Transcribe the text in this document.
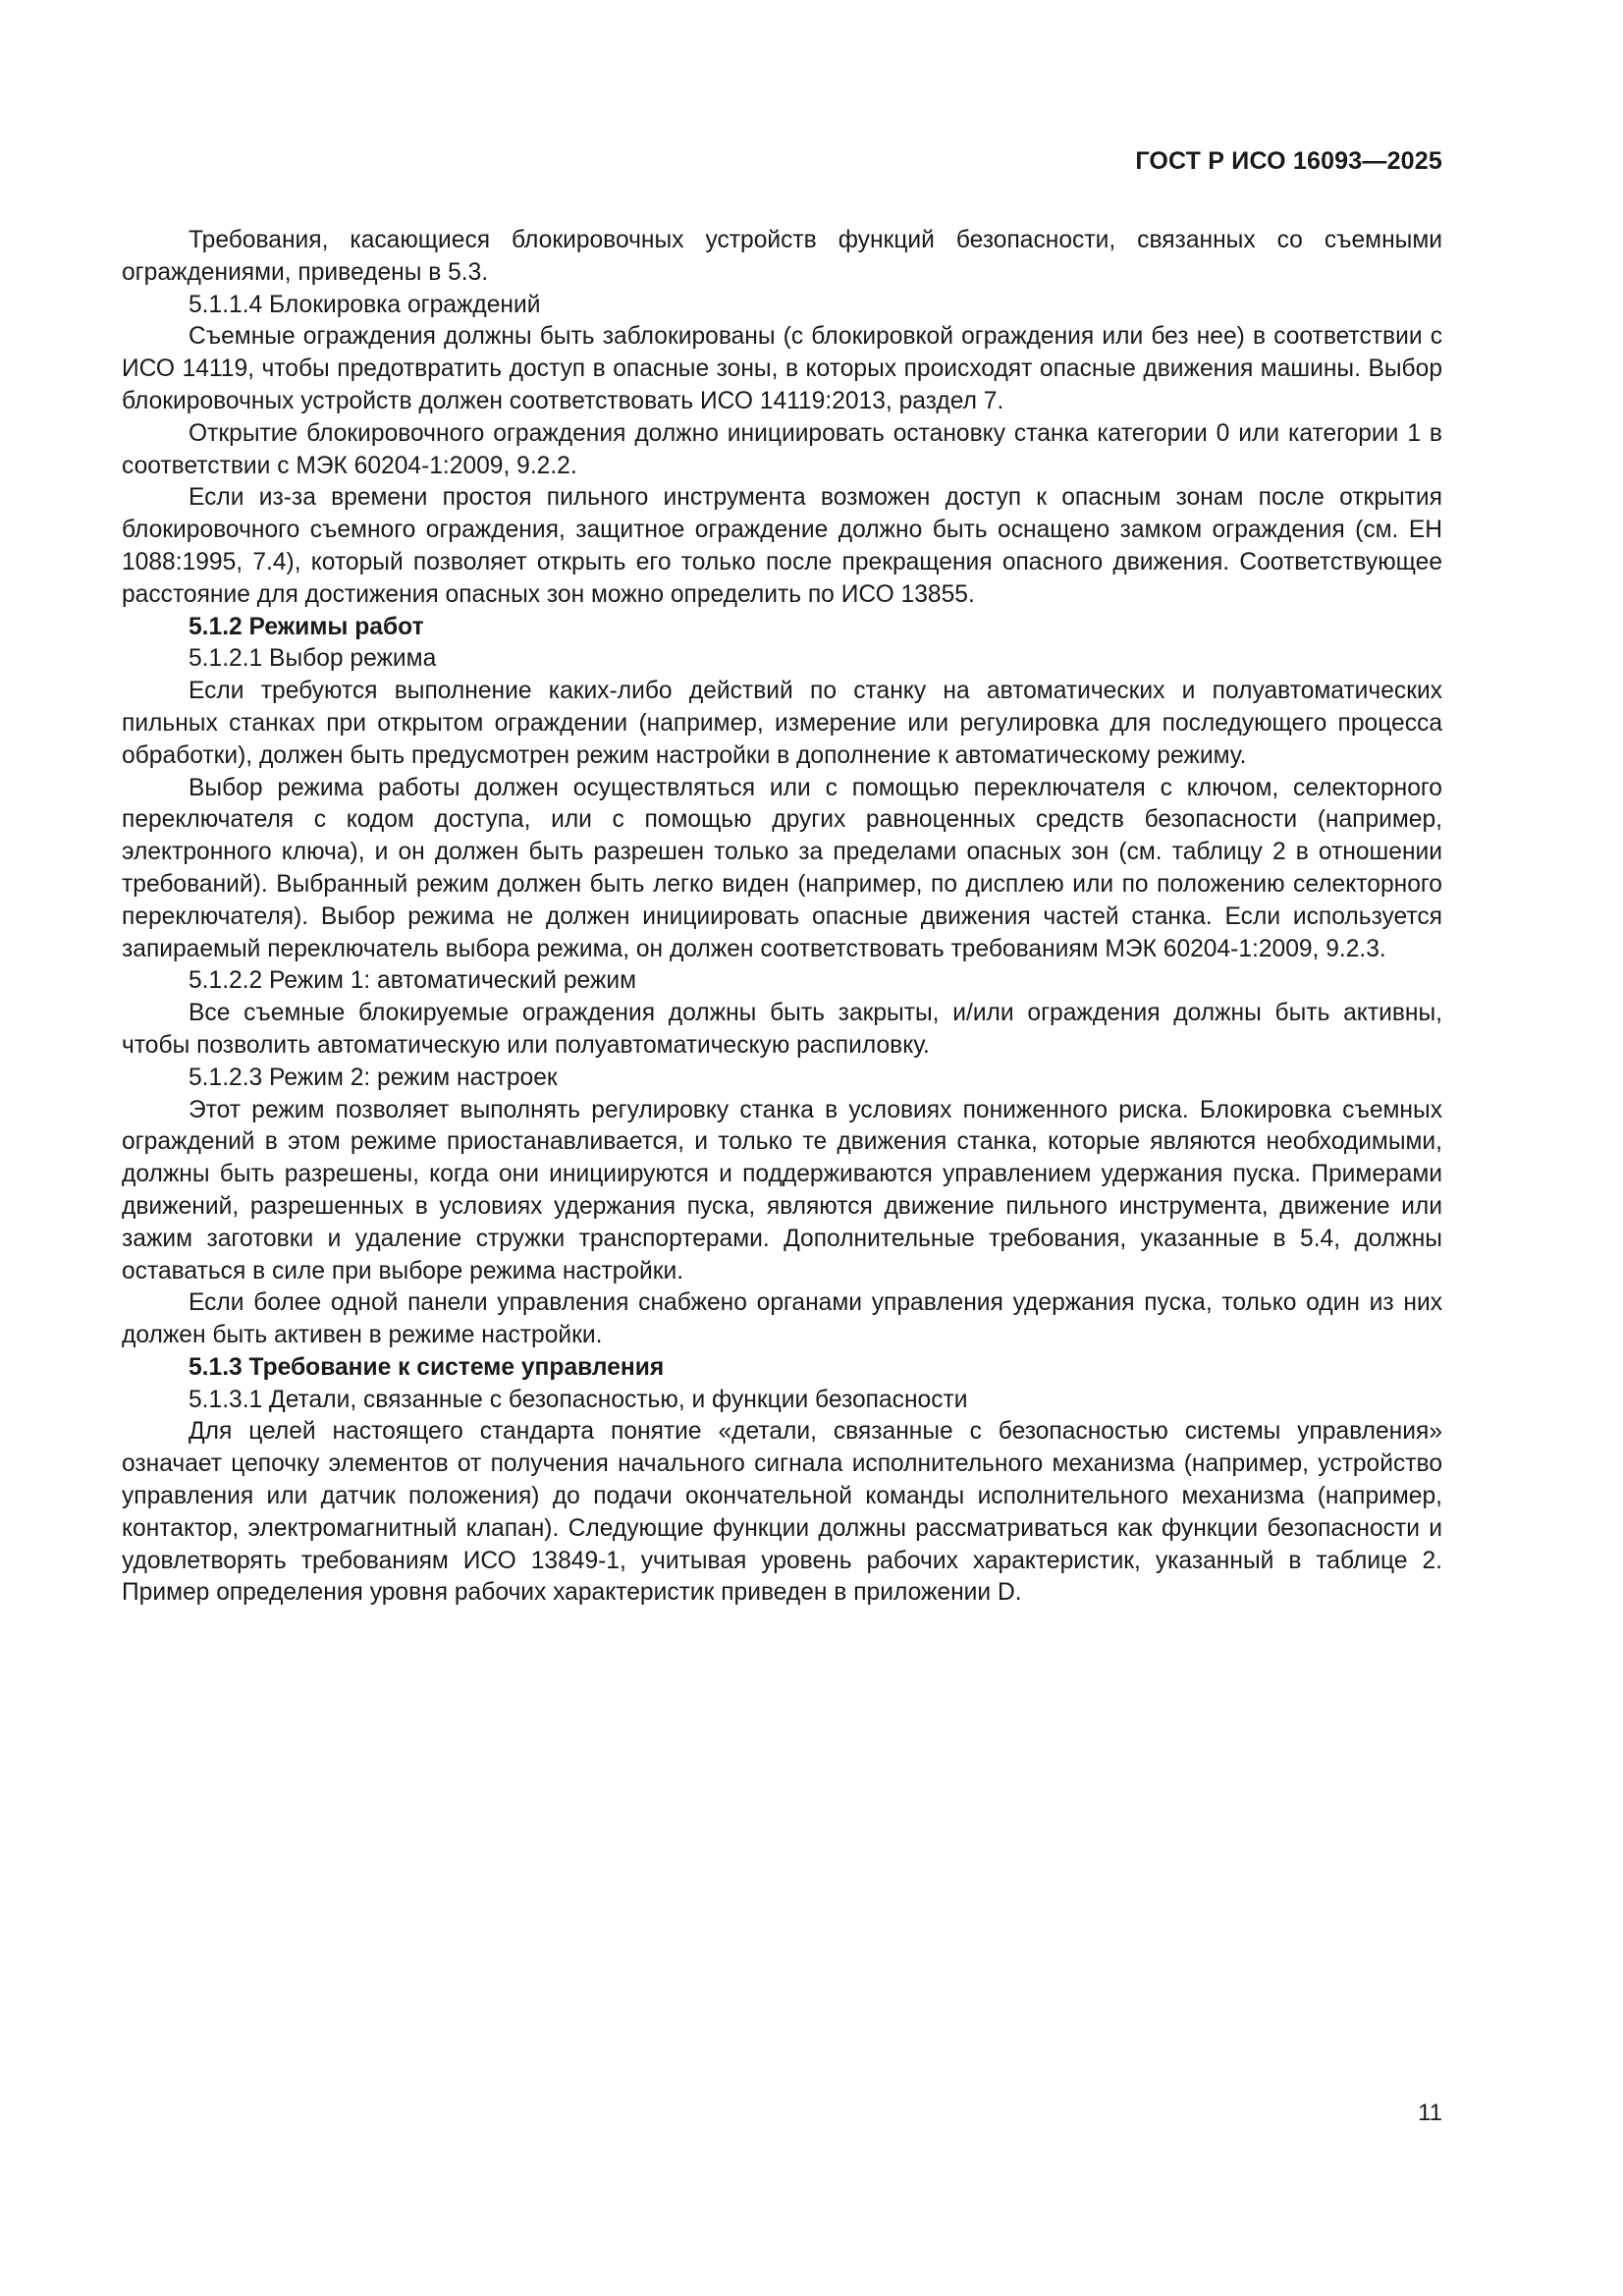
ГОСТ Р ИСО 16093—2025

Требования, касающиеся блокировочных устройств функций безопасности, связанных со съемными ограждениями, приведены в 5.3.

5.1.1.4 Блокировка ограждений

Съемные ограждения должны быть заблокированы (с блокировкой ограждения или без нее) в соответствии с ИСО 14119, чтобы предотвратить доступ в опасные зоны, в которых происходят опасные движения машины. Выбор блокировочных устройств должен соответствовать ИСО 14119:2013, раздел 7.

Открытие блокировочного ограждения должно инициировать остановку станка категории 0 или категории 1 в соответствии с МЭК 60204-1:2009, 9.2.2.

Если из-за времени простоя пильного инструмента возможен доступ к опасным зонам после открытия блокировочного съемного ограждения, защитное ограждение должно быть оснащено замком ограждения (см. ЕН 1088:1995, 7.4), который позволяет открыть его только после прекращения опасного движения. Соответствующее расстояние для достижения опасных зон можно определить по ИСО 13855.

5.1.2 Режимы работ

5.1.2.1 Выбор режима

Если требуются выполнение каких-либо действий по станку на автоматических и полуавтоматических пильных станках при открытом ограждении (например, измерение или регулировка для последующего процесса обработки), должен быть предусмотрен режим настройки в дополнение к автоматическому режиму.

Выбор режима работы должен осуществляться или с помощью переключателя с ключом, селекторного переключателя с кодом доступа, или с помощью других равноценных средств безопасности (например, электронного ключа), и он должен быть разрешен только за пределами опасных зон (см. таблицу 2 в отношении требований). Выбранный режим должен быть легко виден (например, по дисплею или по положению селекторного переключателя). Выбор режима не должен инициировать опасные движения частей станка. Если используется запираемый переключатель выбора режима, он должен соответствовать требованиям МЭК 60204-1:2009, 9.2.3.

5.1.2.2 Режим 1: автоматический режим

Все съемные блокируемые ограждения должны быть закрыты, и/или ограждения должны быть активны, чтобы позволить автоматическую или полуавтоматическую распиловку.

5.1.2.3 Режим 2: режим настроек

Этот режим позволяет выполнять регулировку станка в условиях пониженного риска. Блокировка съемных ограждений в этом режиме приостанавливается, и только те движения станка, которые являются необходимыми, должны быть разрешены, когда они инициируются и поддерживаются управлением удержания пуска. Примерами движений, разрешенных в условиях удержания пуска, являются движение пильного инструмента, движение или зажим заготовки и удаление стружки транспортерами. Дополнительные требования, указанные в 5.4, должны оставаться в силе при выборе режима настройки.

Если более одной панели управления снабжено органами управления удержания пуска, только один из них должен быть активен в режиме настройки.

5.1.3 Требование к системе управления

5.1.3.1 Детали, связанные с безопасностью, и функции безопасности

Для целей настоящего стандарта понятие «детали, связанные с безопасностью системы управления» означает цепочку элементов от получения начального сигнала исполнительного механизма (например, устройство управления или датчик положения) до подачи окончательной команды исполнительного механизма (например, контактор, электромагнитный клапан). Следующие функции должны рассматриваться как функции безопасности и удовлетворять требованиям ИСО 13849-1, учитывая уровень рабочих характеристик, указанный в таблице 2. Пример определения уровня рабочих характеристик приведен в приложении D.

11
